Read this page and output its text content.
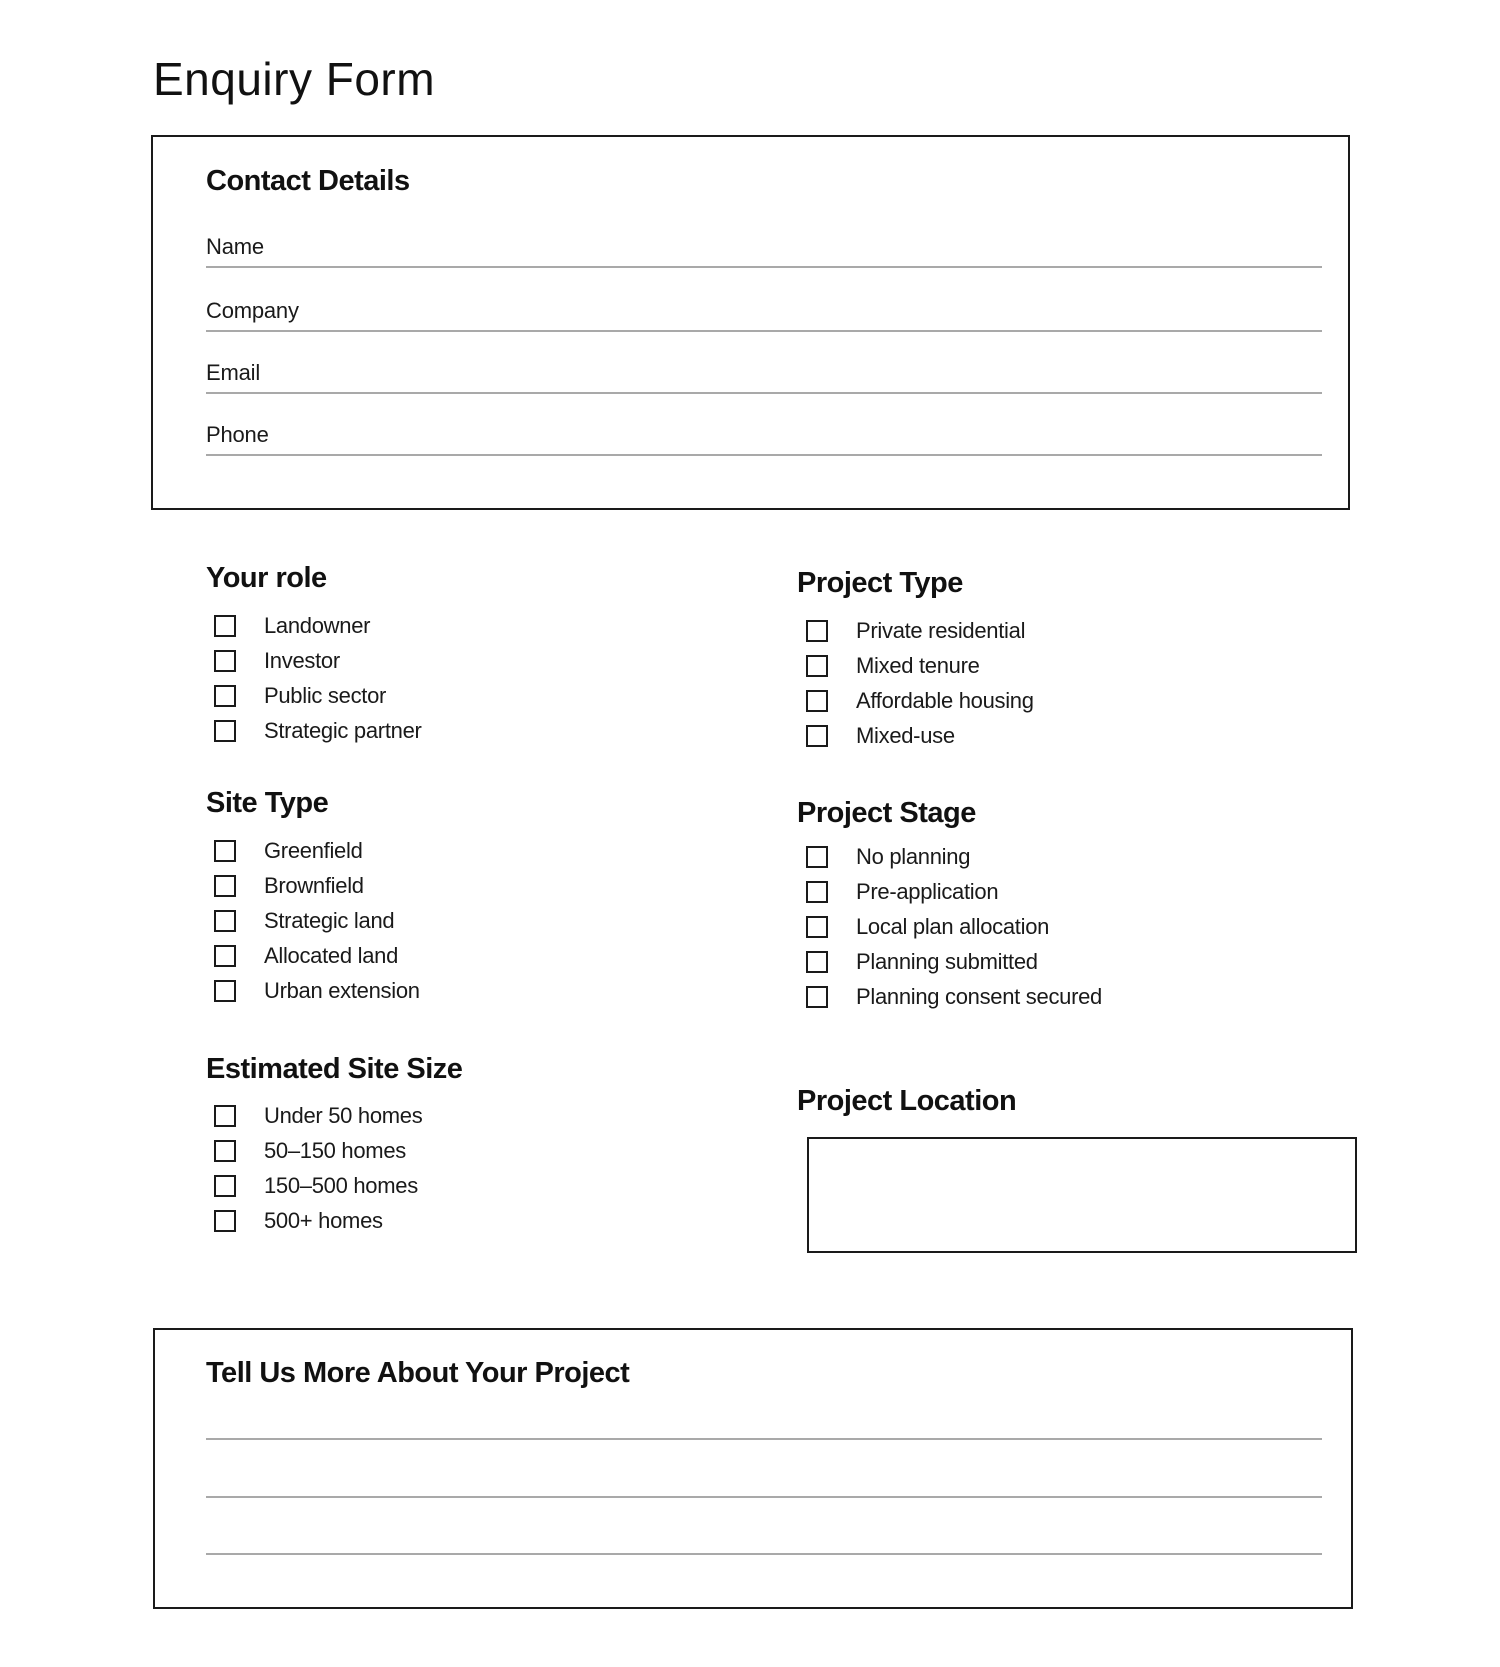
Enquiry Form
Contact Details
Name
Company
Email
Phone
Your role
Landowner
Investor
Public sector
Strategic partner
Site Type
Greenfield
Brownfield
Strategic land
Allocated land
Urban extension
Estimated Site Size
Under 50 homes
50–150 homes
150–500 homes
500+ homes
Project Type
Private residential
Mixed tenure
Affordable housing
Mixed-use
Project Stage
No planning
Pre-application
Local plan allocation
Planning submitted
Planning consent secured
Project Location
Tell Us More About Your Project
